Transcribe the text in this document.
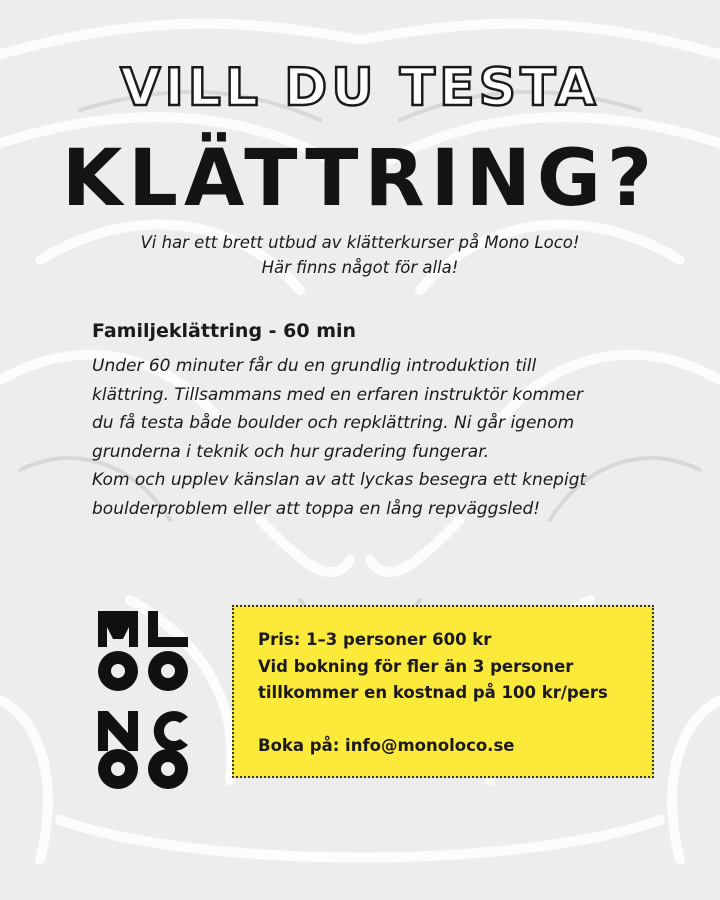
VILL DU TESTA
KLÄTTRING?
Vi har ett brett utbud av klätterkurser på Mono Loco!
Här finns något för alla!
Familjeklättring - 60 min

Under 60 minuter får du en grundlig introduktion till

klättring. Tillsammans med en erfaren instruktör kommer

du få testa både boulder och repklättring. Ni går igenom

grunderna i teknik och hur gradering fungerar.

Kom och upplev känslan av att lyckas besegra ett knepigt

boulderproblem eller att toppa en lång repväggsled!

Pris: 1–3 personer 600 kr

Vid bokning för fler än 3 personer

tillkommer en kostnad på 100 kr/pers

Boka på: info@monoloco.se
